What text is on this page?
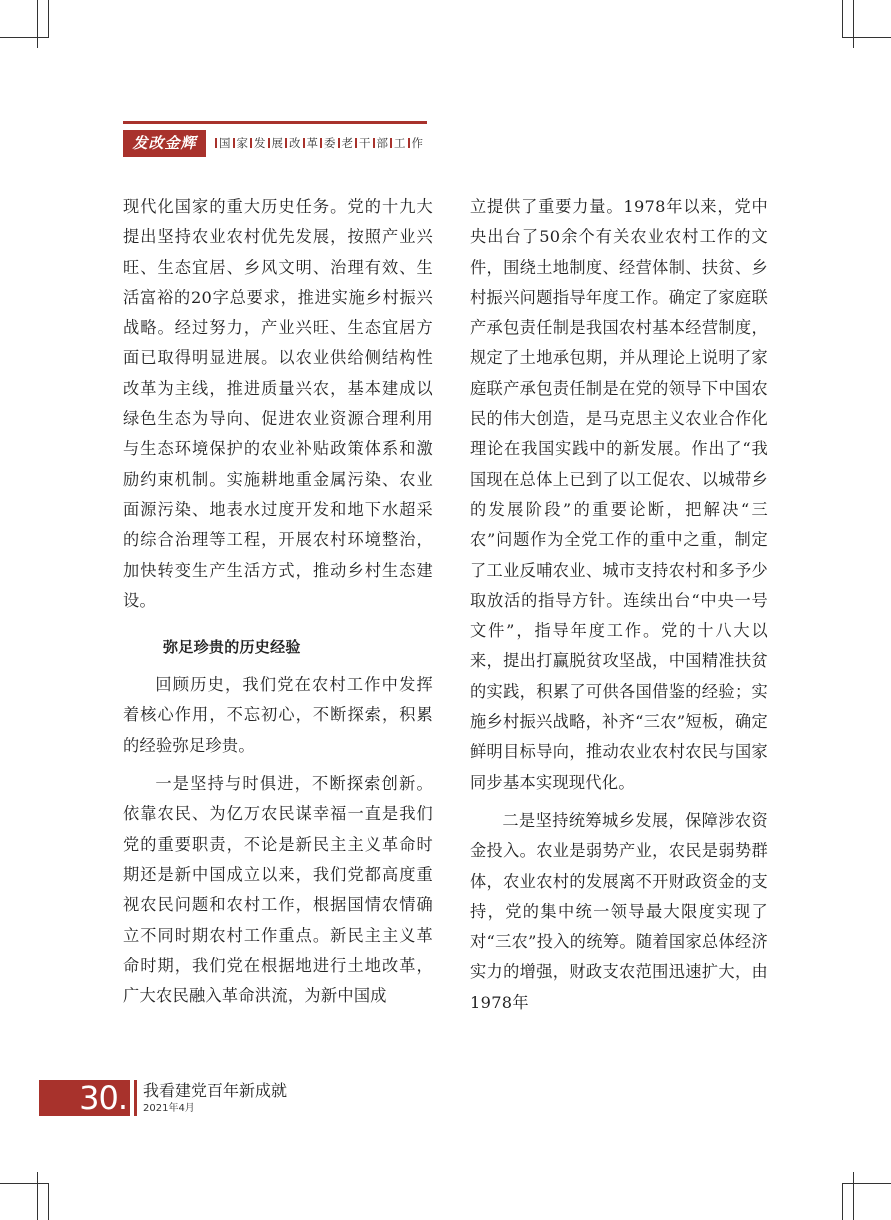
发改金辉	国 家 发 展 改 革 委 老 干 部 工 作

现代化国家的重大历史任务。党的十九大提出坚持农业农村优先发展，按照产业兴旺、生态宜居、乡风文明、治理有效、生活富裕的20字总要求，推进实施乡村振兴战略。经过努力，产业兴旺、生态宜居方面已取得明显进展。以农业供给侧结构性改革为主线，推进质量兴农，基本建成以绿色生态为导向、促进农业资源合理利用与生态环境保护的农业补贴政策体系和激励约束机制。实施耕地重金属污染、农业面源污染、地表水过度开发和地下水超采的综合治理等工程，开展农村环境整治，加快转变生产生活方式，推动乡村生态建设。

弥足珍贵的历史经验

回顾历史，我们党在农村工作中发挥着核心作用，不忘初心，不断探索，积累的经验弥足珍贵。

一是坚持与时俱进，不断探索创新。依靠农民、为亿万农民谋幸福一直是我们党的重要职责，不论是新民主主义革命时期还是新中国成立以来，我们党都高度重视农民问题和农村工作，根据国情农情确立不同时期农村工作重点。新民主主义革命时期，我们党在根据地进行土地改革，广大农民融入革命洪流，为新中国成

立提供了重要力量。1978年以来，党中央出台了50余个有关农业农村工作的文件，围绕土地制度、经营体制、扶贫、乡村振兴问题指导年度工作。确定了家庭联产承包责任制是我国农村基本经营制度，规定了土地承包期，并从理论上说明了家庭联产承包责任制是在党的领导下中国农民的伟大创造，是马克思主义农业合作化理论在我国实践中的新发展。作出了“我国现在总体上已到了以工促农、以城带乡的发展阶段”的重要论断，把解决“三农”问题作为全党工作的重中之重，制定了工业反哺农业、城市支持农村和多予少取放活的指导方针。连续出台“中央一号文件”，指导年度工作。党的十八大以来，提出打赢脱贫攻坚战，中国精准扶贫的实践，积累了可供各国借鉴的经验；实施乡村振兴战略，补齐“三农”短板，确定鲜明目标导向，推动农业农村农民与国家同步基本实现现代化。

二是坚持统筹城乡发展，保障涉农资金投入。农业是弱势产业，农民是弱势群体，农业农村的发展离不开财政资金的支持，党的集中统一领导最大限度实现了对“三农”投入的统筹。随着国家总体经济实力的增强，财政支农范围迅速扩大，由1978年

30. 我看建党百年新成就
2021年4月
